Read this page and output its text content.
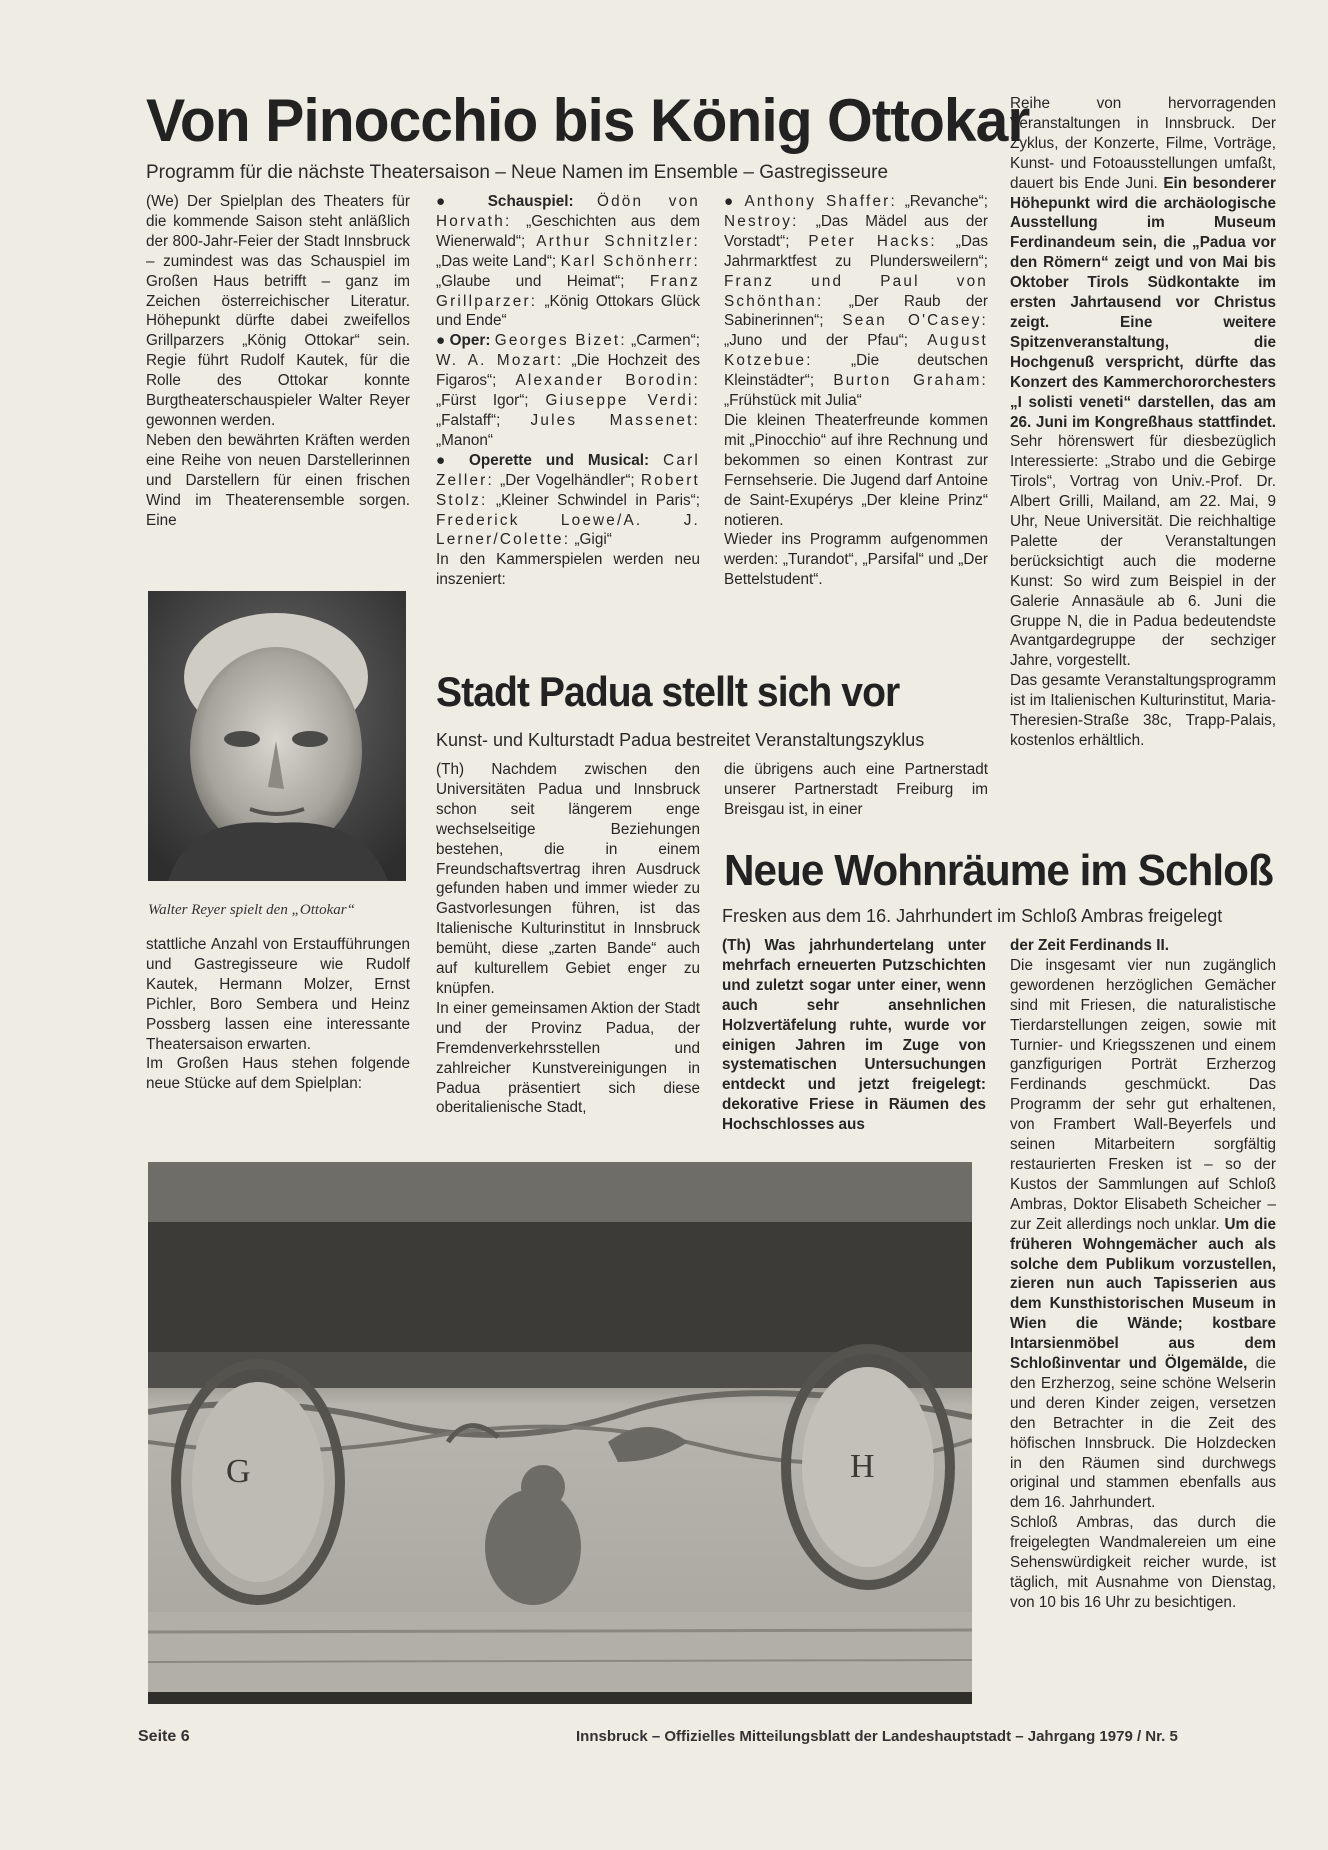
Von Pinocchio bis König Ottokar
Programm für die nächste Theatersaison – Neue Namen im Ensemble – Gastregisseure

(We) Der Spielplan des Theaters für die kommende Saison steht anläßlich der 800-Jahr-Feier der Stadt Innsbruck – zumindest was das Schauspiel im Großen Haus betrifft – ganz im Zeichen österreichischer Literatur. Höhepunkt dürfte dabei zweifellos Grillparzers „König Ottokar“ sein. Regie führt Rudolf Kautek, für die Rolle des Ottokar konnte Burgtheaterschauspieler Walter Reyer gewonnen werden.

Neben den bewährten Kräften werden eine Reihe von neuen Darstellerinnen und Darstellern für einen frischen Wind im Theaterensemble sorgen. Eine

Walter Reyer spielt den „Ottokar“

stattliche Anzahl von Erstaufführungen und Gastregisseure wie Rudolf Kautek, Hermann Molzer, Ernst Pichler, Boro Sembera und Heinz Possberg lassen eine interessante Theatersaison erwarten.

Im Großen Haus stehen folgende neue Stücke auf dem Spielplan:

● Schauspiel: Ödön von Horvath: „Geschichten aus dem Wienerwald“; Arthur Schnitzler: „Das weite Land“; Karl Schönherr: „Glaube und Heimat“; Franz Grillparzer: „König Ottokars Glück und Ende“

● Oper: Georges Bizet: „Carmen“; W. A. Mozart: „Die Hochzeit des Figaros“; Alexander Borodin: „Fürst Igor“; Giuseppe Verdi: „Falstaff“; Jules Massenet: „Manon“

● Operette und Musical: Carl Zeller: „Der Vogelhändler“; Robert Stolz: „Kleiner Schwindel in Paris“; Frederick Loewe/A. J. Lerner/Colette: „Gigi“

In den Kammerspielen werden neu inszeniert:

● Anthony Shaffer: „Revanche“; Nestroy: „Das Mädel aus der Vorstadt“; Peter Hacks: „Das Jahrmarktfest zu Plundersweilern“; Franz und Paul von Schönthan: „Der Raub der Sabinerinnen“; Sean O'Casey: „Juno und der Pfau“; August Kotzebue:	„Die deutschen Kleinstädter“; Burton Graham: „Frühstück mit Julia“

Die kleinen Theaterfreunde kommen mit „Pinocchio“ auf ihre Rechnung und bekommen so einen Kontrast zur Fernsehserie. Die Jugend darf Antoine de Saint-Exupérys „Der kleine Prinz“ notieren.

Wieder ins Programm aufgenommen werden: „Turandot“, „Parsifal“ und „Der Bettelstudent“.

Reihe von hervorragenden Veranstaltungen in Innsbruck. Der Zyklus, der Konzerte, Filme, Vorträge, Kunst- und Fotoausstellungen umfaßt, dauert bis Ende Juni. Ein besonderer Höhepunkt wird die archäologische Ausstellung im Museum Ferdinandeum sein, die „Padua vor den Römern“ zeigt und von Mai bis Oktober Tirols Südkontakte im ersten Jahrtausend vor Christus zeigt. Eine weitere Spitzenveranstaltung, die Hochgenuß verspricht, dürfte das Konzert des Kammerchororchesters „I solisti veneti“ darstellen, das am 26. Juni im Kongreßhaus stattfindet. Sehr hörenswert für diesbezüglich Interessierte: „Strabo und die Gebirge Tirols“, Vortrag von Univ.-Prof. Dr. Albert Grilli, Mailand, am 22. Mai, 9 Uhr, Neue Universität. Die reichhaltige Palette der Veranstaltungen berücksichtigt auch die moderne Kunst: So wird zum Beispiel in der Galerie Annasäule ab 6. Juni die Gruppe N, die in Padua bedeutendste Avantgardegruppe der sechziger Jahre, vorgestellt.

Das gesamte Veranstaltungsprogramm ist im Italienischen Kulturinstitut, Maria-Theresien-Straße 38c, Trapp-Palais, kostenlos erhältlich.

Stadt Padua stellt sich vor
Kunst- und Kulturstadt Padua bestreitet Veranstaltungszyklus

(Th) Nachdem zwischen den Universitäten Padua und Innsbruck schon seit längerem enge wechselseitige Beziehungen bestehen, die in einem Freundschaftsvertrag ihren Ausdruck gefunden haben und immer wieder zu Gastvorlesungen führen, ist das Italienische Kulturinstitut in Innsbruck bemüht, diese „zarten Bande“ auch auf kulturellem Gebiet enger zu knüpfen.

In einer gemeinsamen Aktion der Stadt und der Provinz Padua, der Fremdenverkehrsstellen und zahlreicher Kunstvereinigungen in Padua präsentiert sich diese oberitalienische Stadt,

die übrigens auch eine Partnerstadt unserer Partnerstadt Freiburg im Breisgau ist, in einer

Neue Wohnräume im Schloß
Fresken aus dem 16. Jahrhundert im Schloß Ambras freigelegt

(Th) Was jahrhundertelang unter mehrfach erneuerten Putzschichten und zuletzt sogar unter einer, wenn auch sehr ansehnlichen Holzvertäfelung ruhte, wurde vor einigen Jahren im Zuge von systematischen Untersuchungen entdeckt und jetzt freigelegt: dekorative Friese in Räumen des Hochschlosses aus

der Zeit Ferdinands II.

Die insgesamt vier nun zugänglich gewordenen herzöglichen Gemächer sind mit Friesen, die naturalistische Tierdarstellungen zeigen, sowie mit Turnier- und Kriegsszenen und einem ganzfigurigen Porträt Erzherzog Ferdinands geschmückt. Das Programm der sehr gut erhaltenen, von Frambert Wall-Beyerfels und seinen Mitarbeitern sorgfältig restaurierten Fresken ist – so der Kustos der Sammlungen auf Schloß Ambras, Doktor Elisabeth Scheicher – zur Zeit allerdings noch unklar. Um die früheren Wohngemächer auch als solche dem Publikum vorzustellen, zieren nun auch Tapisserien aus dem Kunsthistorischen Museum in Wien die Wände; kostbare Intarsienmöbel aus dem Schloßinventar und Ölgemälde, die den Erzherzog, seine schöne Welserin und deren Kinder zeigen, versetzen den Betrachter in die Zeit des höfischen Innsbruck. Die Holzdecken in den Räumen sind durchwegs original und stammen ebenfalls aus dem 16. Jahrhundert.

Schloß Ambras, das durch die freigelegten Wandmalereien um eine Sehenswürdigkeit reicher wurde, ist täglich, mit Ausnahme von Dienstag, von 10 bis 16 Uhr zu besichtigen.

G	H
Seite 6	Innsbruck – Offizielles Mitteilungsblatt der Landeshauptstadt – Jahrgang 1979 / Nr. 5
